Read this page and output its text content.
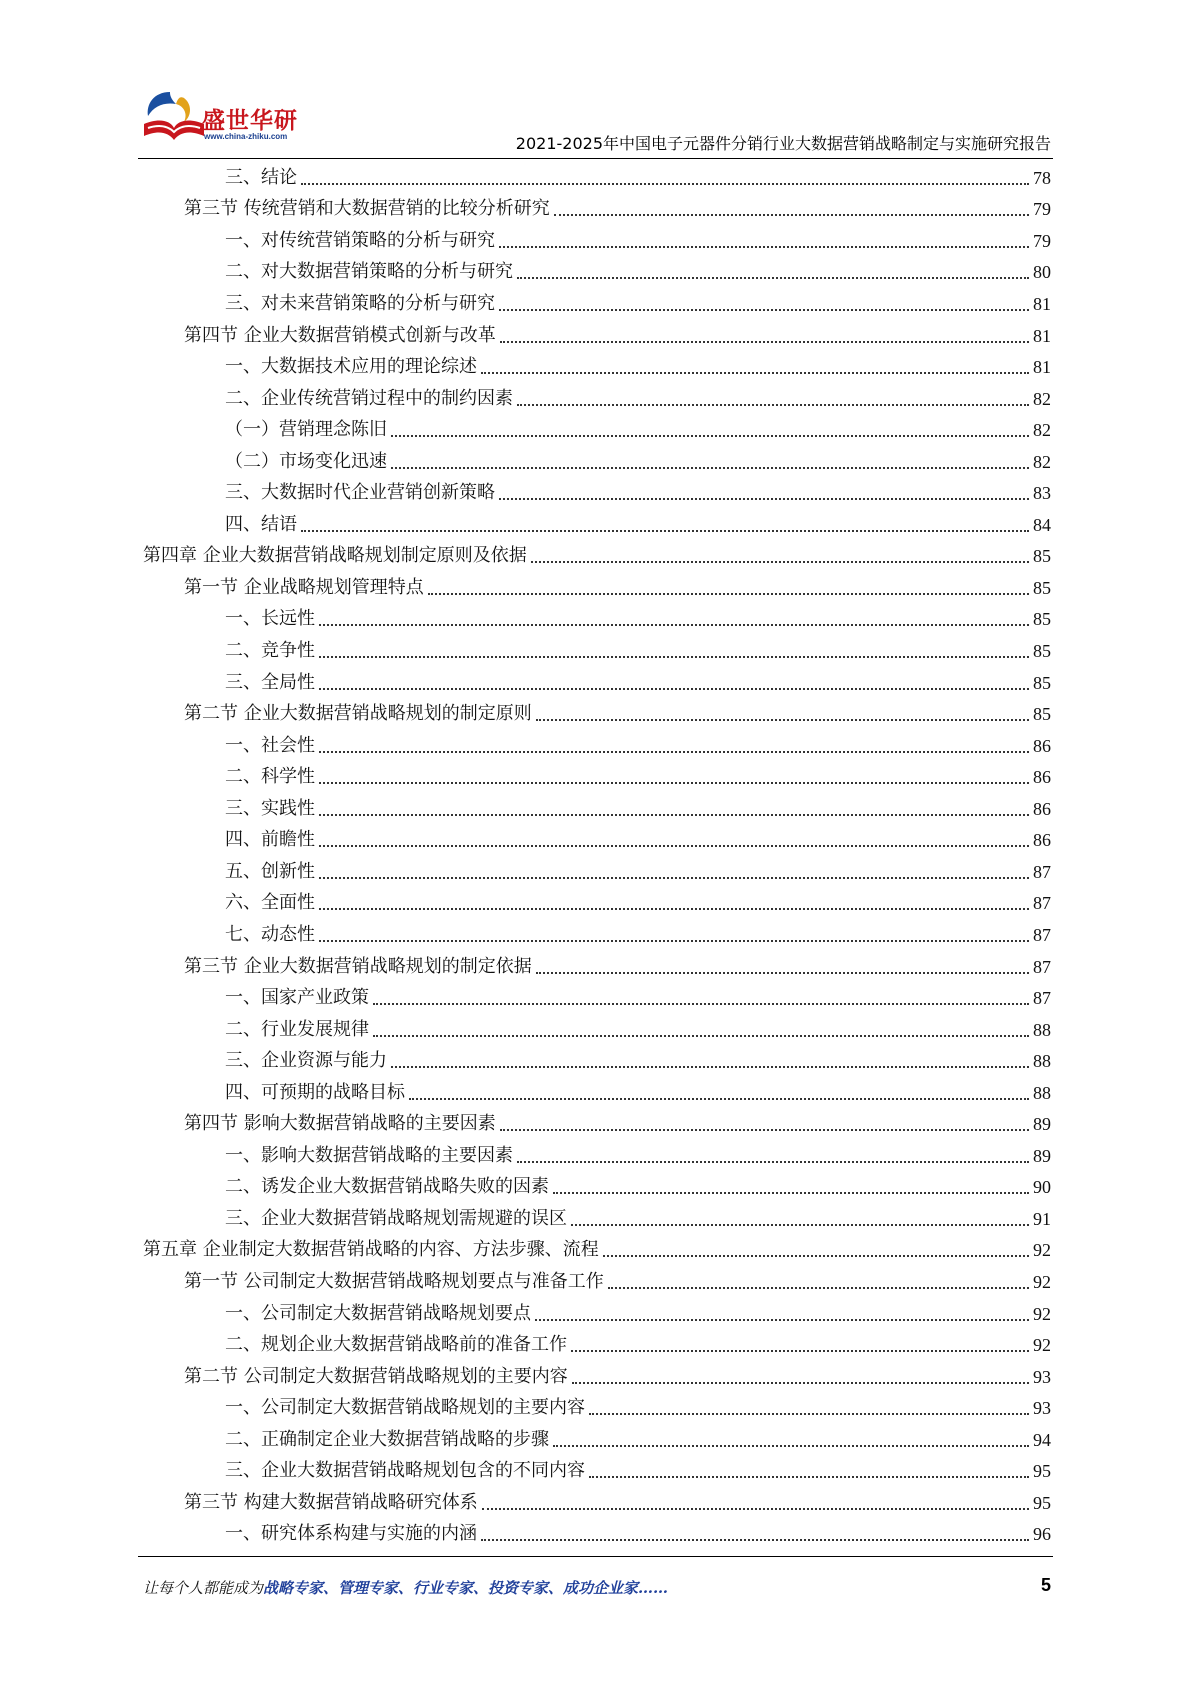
盛世华研
www.china-zhiku.com	2021-2025年中国电子元器件分销行业大数据营销战略制定与实施研究报告
三、结论	78
第三节 传统营销和大数据营销的比较分析研究	79
一、对传统营销策略的分析与研究	79
二、对大数据营销策略的分析与研究	80
三、对未来营销策略的分析与研究	81
第四节 企业大数据营销模式创新与改革	81
一、大数据技术应用的理论综述	81
二、企业传统营销过程中的制约因素	82
（一）营销理念陈旧	82
（二）市场变化迅速	82
三、大数据时代企业营销创新策略	83
四、结语	84
第四章 企业大数据营销战略规划制定原则及依据	85
第一节 企业战略规划管理特点	85
一、长远性	85
二、竞争性	85
三、全局性	85
第二节 企业大数据营销战略规划的制定原则	85
一、社会性	86
二、科学性	86
三、实践性	86
四、前瞻性	86
五、创新性	87
六、全面性	87
七、动态性	87
第三节 企业大数据营销战略规划的制定依据	87
一、国家产业政策	87
二、行业发展规律	88
三、企业资源与能力	88
四、可预期的战略目标	88
第四节 影响大数据营销战略的主要因素	89
一、影响大数据营销战略的主要因素	89
二、诱发企业大数据营销战略失败的因素	90
三、企业大数据营销战略规划需规避的误区	91
第五章 企业制定大数据营销战略的内容、方法步骤、流程	92
第一节 公司制定大数据营销战略规划要点与准备工作	92
一、公司制定大数据营销战略规划要点	92
二、规划企业大数据营销战略前的准备工作	92
第二节 公司制定大数据营销战略规划的主要内容	93
一、公司制定大数据营销战略规划的主要内容	93
二、正确制定企业大数据营销战略的步骤	94
三、企业大数据营销战略规划包含的不同内容	95
第三节 构建大数据营销战略研究体系	95
一、研究体系构建与实施的内涵	96
让每个人都能成为战略专家、管理专家、行业专家、投资专家、成功企业家……	5
